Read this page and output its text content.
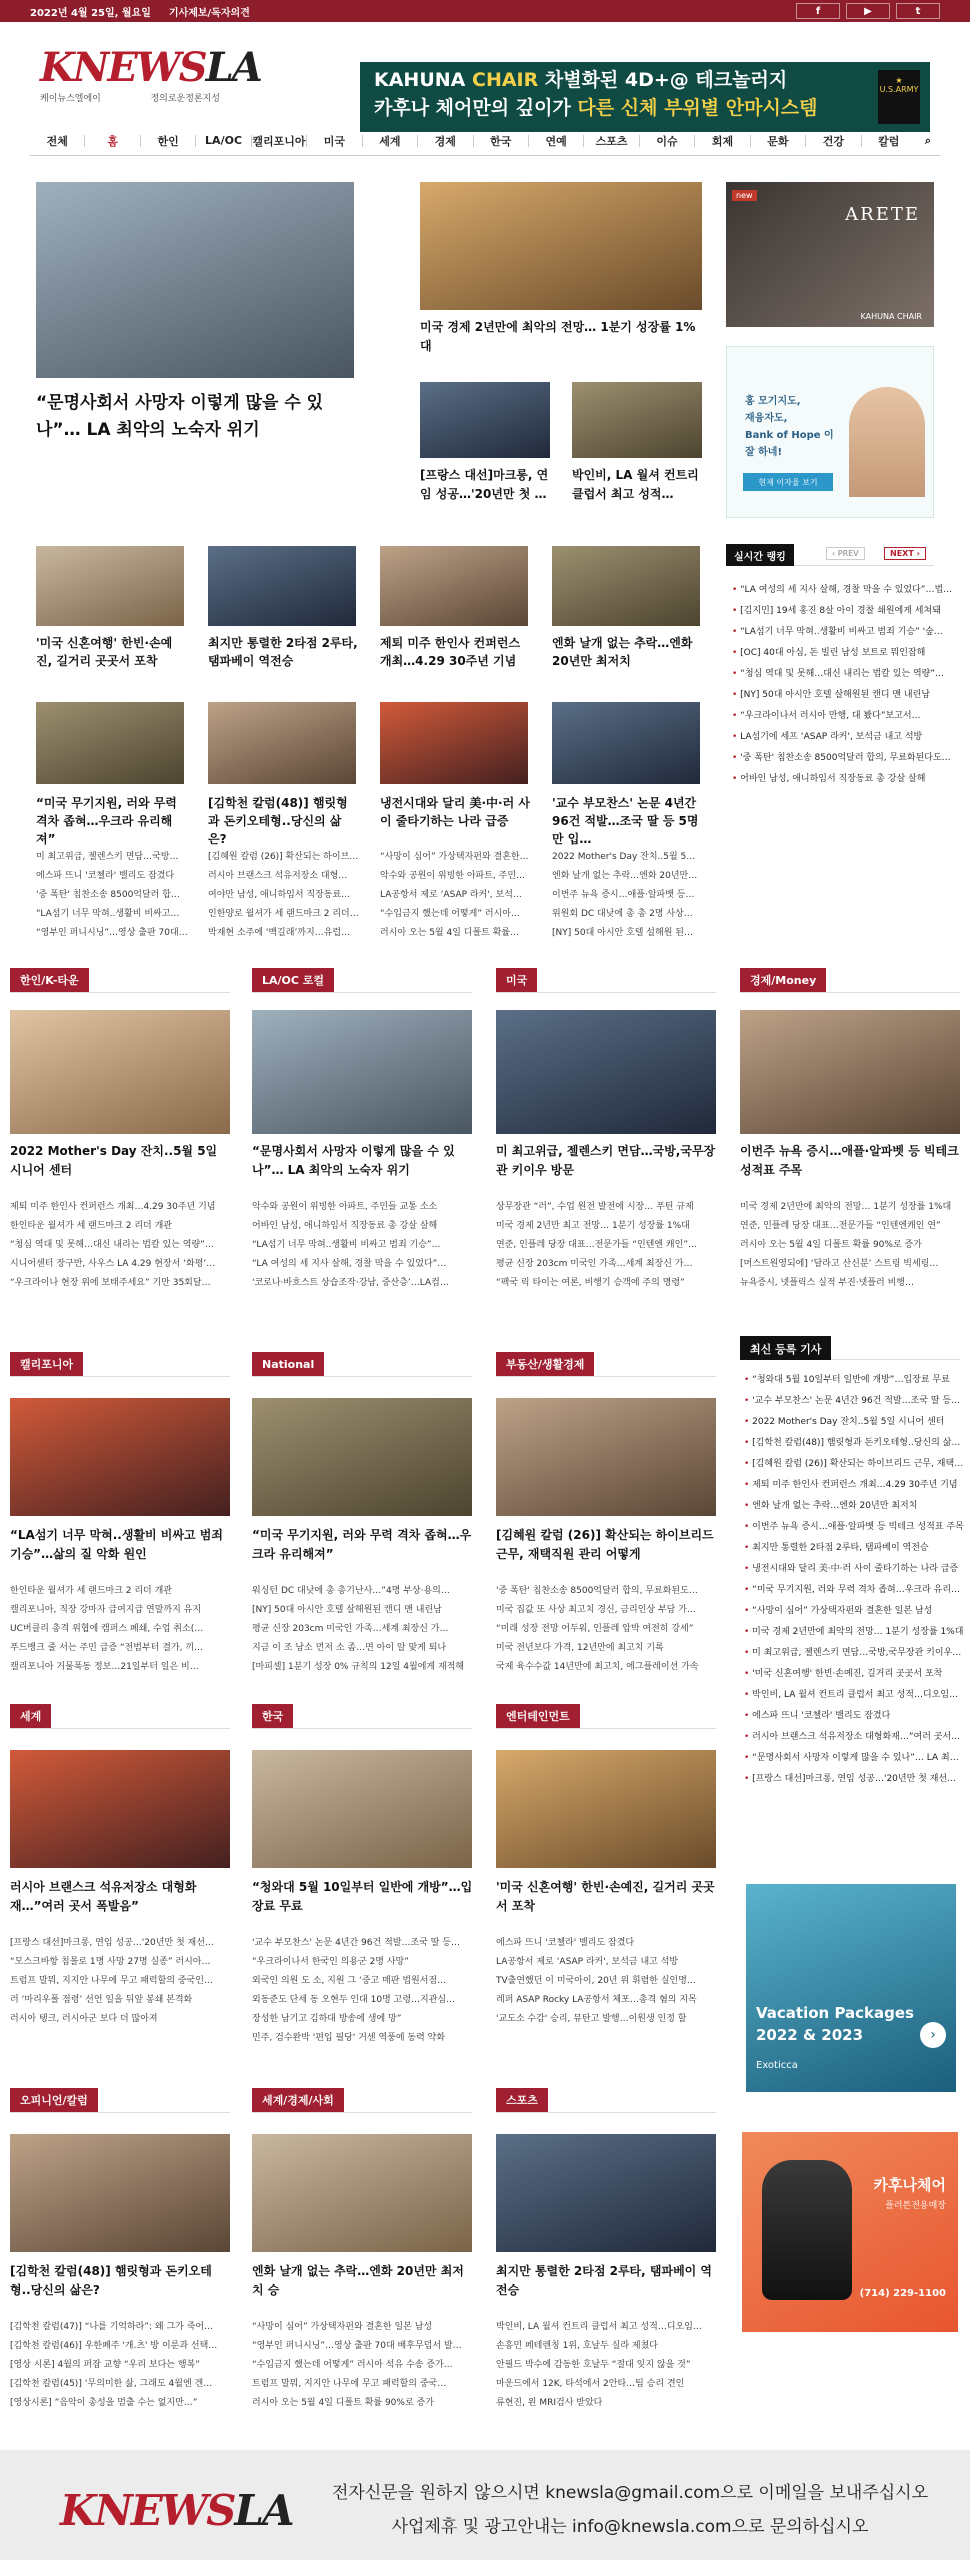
2022년 4월 25일, 월요일 기사제보/독자의견	f	▶	t
KNEWSLA
케이뉴스엘에이	정의로운정론지성
KAHUNA CHAIR 차별화된 4D+@ 테크놀러지
카후나 체어만의 깊이가 다른 신체 부위별 안마시스템
★
U.S.ARMY
전체	홈	한인	LA/OC 캘리포니아	미국	세계	경제	한국	연예	스포츠	이슈	회제	문화	건강	칼럼	⌕
“문명사회서 사망자 이렇게 많을 수 있나”… LA 최악의 노숙자 위기
미국 경제 2년만에 최악의 전망… 1분기 성장률 1%대
[프랑스 대선]마크롱, 연임 성공…'20년만 첫 …
박인비, LA 월셔 컨트리 클럽서 최고 성적…
new
ARETE
KAHUNA CHAIR
홍 모기지도,
재융자도,
Bank of Hope 이
잘 하네!
현재 이자율 보기
실시간 랭킹	‹ PREV	NEXT ›
• “LA 여성의 세 지사 살해, 경찰 막을 수 있었다”…법…
• [김지민] 19세 홍진 8살 아이 경찰 쇄원에게 세쳐돼
• “LA섬기 너무 막혀..생활비 비싸고 범죄 기승” '숲…
• [OC] 40대 아심, 돈 빌린 남성 보트로 뭐인잡해
• “청심 역대 및 못해…대신 내리는 법칼 있는 역량”…
• [NY] 50대 아시안 호텔 살해원된 캔디 맨 내린남
• “우크라이나서 러시아 만행, 대 봤다”보고서…
• LA섬기에 세프 ‘ASAP 라커', 보석금 내고 석방
• '중 폭탄' 칩찬소송 8500억달러 합의, 무료화된다도…
• 어바인 남성, 애니하임서 직장동료 총 강살 살해
'미국 신혼여행' 한빈·손예진, 길거리 곳곳서 포착
최지만 통렬한 2타점 2루타, 탬파베이 역전승
제퇴 미주 한인사 컨퍼런스 개최…4.29 30주년 기념
엔화 날개 없는 추락…엔화 20년만 최저치
“미국 무기지원, 러와 무력 격차 좁혀…우크라 유리해져”
미 최고위급, 젤렌스키 면담…국방…
에스파 뜨니 '코첼라' 밸리도 잠겼다
'중 폭탄' 칩찬소송 8500억달러 합…
“LA섬기 너무 막혀..생활비 비싸고…
“영부인 퍼니시닝”…영상 출판 70대…
[김학천 칼럼(48)] 햄릿형과 돈키오테형..당신의 삶은?
[김혜원 칼럼 (26)] 확산되는 하이브…
러시아 브랜스크 석유저장소 대형…
여야만 남성, 애니하임서 직장동료…
인한양로 월셔가 세 랜드마크 2 리더…
박재현 소주에 '백길래’까지…유럽…
냉전시대와 달리 美·中·러 사이 줄타기하는 나라 급증
“사망이 심어” 가상택자펀와 결혼한…
악수와 공원이 위빙한 아파트, 주민…
LA공항서 제로 ‘ASAP 라커', 보석…
“수입금지 했는데 어떻게” 러시아…
러시아 오는 5월 4일 디폴트 확률…
'교수 부모찬스' 논문 4년간 96건 적발…조국 딸 등 5명만 입…
2022 Mother's Day 잔치..5월 5…
엔화 날개 없는 추락…엔화 20년만…
이번주 뉴욕 증시…애플·알파벳 등…
위원회 DC 대낮에 총 총 2명 사상…
[NY] 50대 아시안 호텔 설해원 된…
한인/K-타운
2022 Mother's Day 잔치..5월 5일 시니어 센터
제퇴 미주 한인사 컨퍼런스 개최…4.29 30주년 기념
한인타운 월셔가 세 랜드마크 2 리더 개관
“청심 역대 및 못해…대신 내리는 법칼 있는 역량”…
시니어센터 장구반, 사우스 LA 4.29 현장서 ‘화평’…
“우크라이나 현장 위에 보태주세요” 기만 35회달…
LA/OC 로컬
“문명사회서 사망자 이렇게 많을 수 있나”… LA 최악의 노숙자 위기
악수와 공원이 위빙한 아파트, 주민들 교통 소소
어바인 남성, 애니하임서 직장동료 총 강살 살해
“LA섬기 너무 막혀..생활비 비싸고 범죄 기승”…
“LA 여성의 세 지사 살해, 경찰 막을 수 있었다”…
'코로나·바흐스트 상습조작·강남, 중산층’…LA컴…
미국
미 최고위급, 젤렌스키 면담…국방,국무장관 키이우 방문
상무장관 “러”, 수업 원전 발전에 시장… 푸틴 규제
미국 경제 2년만 최고 전망… 1분기 성장률 1%대
연준, 인플레 당장 대표…전문가들 “인텐엔 캐인”…
평균 신장 203cm 미국인 가족…세계 최장신 가…
“팩국 릭 타이는 여론, 비행기 승객에 주의 명령”
경제/Money
이번주 뉴욕 증시…애플·알파벳 등 빅테크 성적표 주목
미국 경제 2년만에 최악의 전망… 1분기 성장률 1%대
연준, 인플레 당장 대표…전문가들 “인텐엔캐인 연”
러시아 오는 5월 4일 디폴트 확률 90%로 증가
[머스트원영되에] ‘달라고 산신분’ 스트링 빅세링…
뉴욕증시, 넷플릭스 실적 부진·넷플러 비행…
최신 등록 기사
• “청와대 5월 10일부터 일반에 개방”…입장료 무료
• '교수 부모찬스' 논문 4년간 96건 적발…조국 딸 등…
• 2022 Mother's Day 잔치..5월 5일 시니어 센터
• [김학천 칼럼(48)] 햄릿형과 돈키오테형..당신의 삶…
• [김혜원 칼럼 (26)] 확산되는 하이브리드 근무, 재택…
• 제퇴 미주 한인사 컨퍼런스 개최…4.29 30주년 기념
• 엔화 날개 없는 추락…엔화 20년만 최저치
• 이번주 뉴욕 증시…애플·알파벳 등 빅테크 성적표 주목
• 최지만 통렬한 2타점 2루타, 탬파베이 역전승
• 냉전시대와 달리 美·中·러 사이 줄타기하는 나라 급증
• “미국 무기지원, 러와 무력 격차 좁혀…우크라 유리…
• “사망이 심어” 가상택자펀와 결혼한 일본 남성
• 미국 경제 2년만에 최악의 전망… 1분기 성장률 1%대
• 미 최고위급, 젤렌스키 면담…국방,국무장관 키이우…
• '미국 신혼여행' 한빈·손예진, 길거리 곳곳서 포착
• 박인비, LA 월셔 컨트리 클럽서 최고 성적…디오임…
• 에스파 뜨니 '코첼라' 밸리도 잠겼다
• 러시아 브랜스크 석유저장소 대형화재…”여러 곳서…
• “문명사회서 사망자 이렇게 많을 수 있나”… LA 최…
• [프랑스 대선]마크롱, 연임 성공…'20년만 첫 재선…
캘리포니아
“LA섬기 너무 막혀..생활비 비싸고 범죄 기승”…삶의 질 악화 원인
한인타운 월셔가 세 랜드마크 2 리더 개관
캘리포니아, 직장 강마자 급여지급 연말까지 유지
UC버클리 총격 위협에 캠퍼스 폐쇄, 수업 취소(…
푸드뱅크 줄 서는 주민 급증 “전범부터 결가, 끼…
캘리포니아 거물폭동 정보…21일부터 일은 비…
National
“미국 무기지원, 러와 무력 격차 좁혀…우크라 유리해져”
워싱턴 DC 대낮에 총 총기난사…”4명 부상·용의…
[NY] 50대 아시안 호텔 살해원된 캔디 맨 내린남
평균 신장 203cm 미국인 가족…세계 최장신 가…
지금 이 조 남소 먼저 소 좀…면 아이 알 맞게 퇴나
[마피셀] 1분기 성장 0% 규칙의 12일 4월에게 재적해
부동산/생활경제
[김혜원 칼럼 (26)] 확산되는 하이브리드 근무, 재택직원 관리 어떻게
'중 폭탄' 칩찬소송 8500억달러 합의, 무료화된도…
미국 집값 또 사상 최고치 경신, 금리인상 부담 가…
“미래 성장 전망 어두워, 인플레 압박 여전히 강세”
미국 전년보다 가격, 12년만에 최고치 기록
국제 육수수값 14년만에 최고치, 에그플레이션 가속
세계
러시아 브랜스크 석유저장소 대형화재…”여러 곳서 폭발음”
[프랑스 대선]마크롱, 연임 성공…'20년만 첫 재선…
“모스크바항 침몰로 1명 사망 27명 실종” 러시아…
트럼프 말뭐, 지지안 나무에 무고 패럭할의 중국인…
러 ‘마리우폴 점령’ 선언 일을 뒤앞 봉쇄 본격화
러시아 탱크, 러시아군 보다 더 많아져
한국
“청와대 5월 10일부터 일반에 개방”…입장료 무료
'교수 부모찬스' 논문 4년간 96건 적발…조국 딸 등…
“우크라이나서 한국인 의용군 2명 사망”
외국인 의원 도 소, 지원 그 ‘중고 매판 법원서점…
외동준도 단세 동 오현두 인대 10명 고령…지관심…
장성한 남기고 김하대 방송에 생에 망”
민주, 검수완박 '편입 필당' 거센 역풍에 동력 약화
엔터테인먼트
'미국 신혼여행' 한빈·손예진, 길거리 곳곳서 포착
에스파 뜨니 '코첼라' 밸리도 잠겼다
LA공항서 제로 ‘ASAP 라커', 보석금 내고 석방
TV출연했던 이 미국아이, 20년 위 휘렴한 실인명…
레퍼 ASAP Rocky LA공항서 체포…총격 혐의 지목
'교도소 수감' 승리, 뮤탄고 발행…이원생 인정 할	Vacation Packages
2022 & 2023
Exoticca
›
오피니언/칼럼
[김학천 칼럼(48)] 햄릿형과 돈키오테형..당신의 삶은?
[김학천 칼럼(47)] “나를 기억하라”: 왜 그가 죽어…
[김학천 칼럼(46)] 우한폐주 '개.츠' 방 이룬과 선택…
[영상 시론] 4월의 퍼잡 교향 “우리 보다는 행복”
[김학천 칼럼(45)] ‘무의미한 삶, 그래도 4월엔 겐…
[영상시론] ”음악이 총성을 멈출 수는 없지만…”
세계/경제/사회
엔화 날개 없는 추락…엔화 20년만 최저치 승
“사망이 심어” 가상택자펀와 결혼한 일본 남성
“영부인 퍼니시닝”…영상 출판 70대 배후무덤서 발…
“수입금지 했는데 어떻게” 러시아 석유 수송 증가…
트럼프 말뭐, 지지안 나무에 무고 패럭할의 중국…
러시아 오는 5월 4일 디폴트 확률 90%로 증가
스포츠
최지만 통렬한 2타점 2루타, 탬파베이 역전승
박인비, LA 월셔 컨트리 클럽서 최고 성적…디오임…
손흥민 페테렌칭 1위, 호날두 실라 제쳤다
안필드 박수에 감동한 호날두 “절대 잊지 않을 것”
마운드에서 12K, 타석에서 2안타…팀 승리 견인
류현진, 왼 MRI검사 받았다
카후나체어
플러튼전용매장
(714) 229-1100
KNEWSLA	전자신문을 원하지 않으시면 knewsla@gmail.com으로 이메일을 보내주십시오
사업제휴 및 광고안내는 info@knewsla.com으로 문의하십시오
